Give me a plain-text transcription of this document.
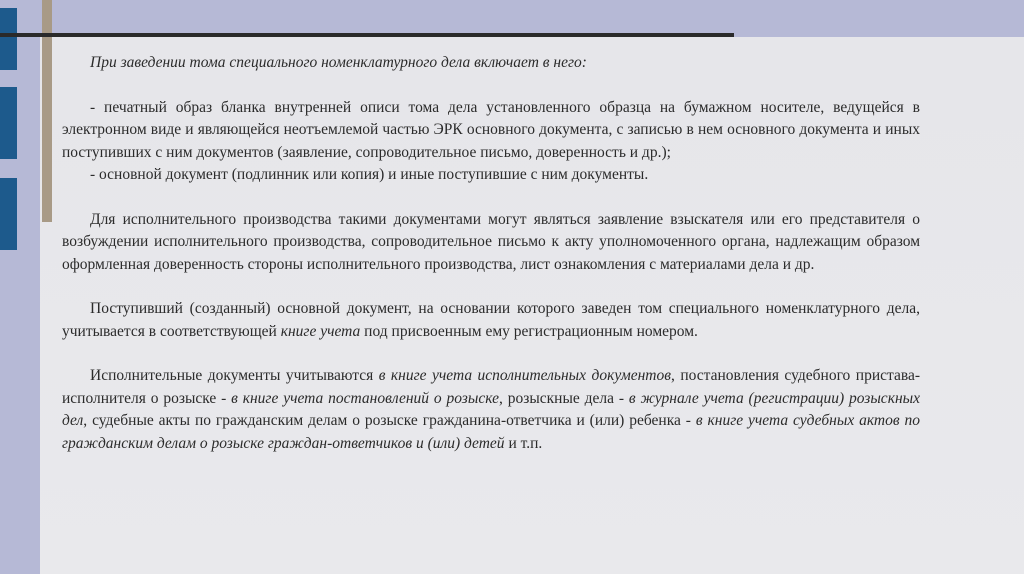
При заведении тома специального номенклатурного дела включает в него:

- печатный образ бланка внутренней описи тома дела установленного образца на бумажном носителе, ведущейся в электронном виде и являющейся неотъемлемой частью ЭРК основного документа, с записью в нем основного документа и иных поступивших с ним документов (заявление, сопроводительное письмо, доверенность и др.);

- основной документ (подлинник или копия) и иные поступившие с ним документы.

Для исполнительного производства такими документами могут являться заявление взыскателя или его представителя о возбуждении исполнительного производства, сопроводительное письмо к акту уполномоченного органа, надлежащим образом оформленная доверенность стороны исполнительного производства, лист ознакомления с материалами дела и др.

Поступивший (созданный) основной документ, на основании которого заведен том специального номенклатурного дела, учитывается в соответствующей книге учета под присвоенным ему регистрационным номером.

Исполнительные документы учитываются в книге учета исполнительных документов, постановления судебного пристава-исполнителя о розыске - в книге учета постановлений о розыске, розыскные дела - в журнале учета (регистрации) розыскных дел, судебные акты по гражданским делам о розыске гражданина-ответчика и (или) ребенка - в книге учета судебных актов по гражданским делам о розыске граждан-ответчиков и (или) детей и т.п.
